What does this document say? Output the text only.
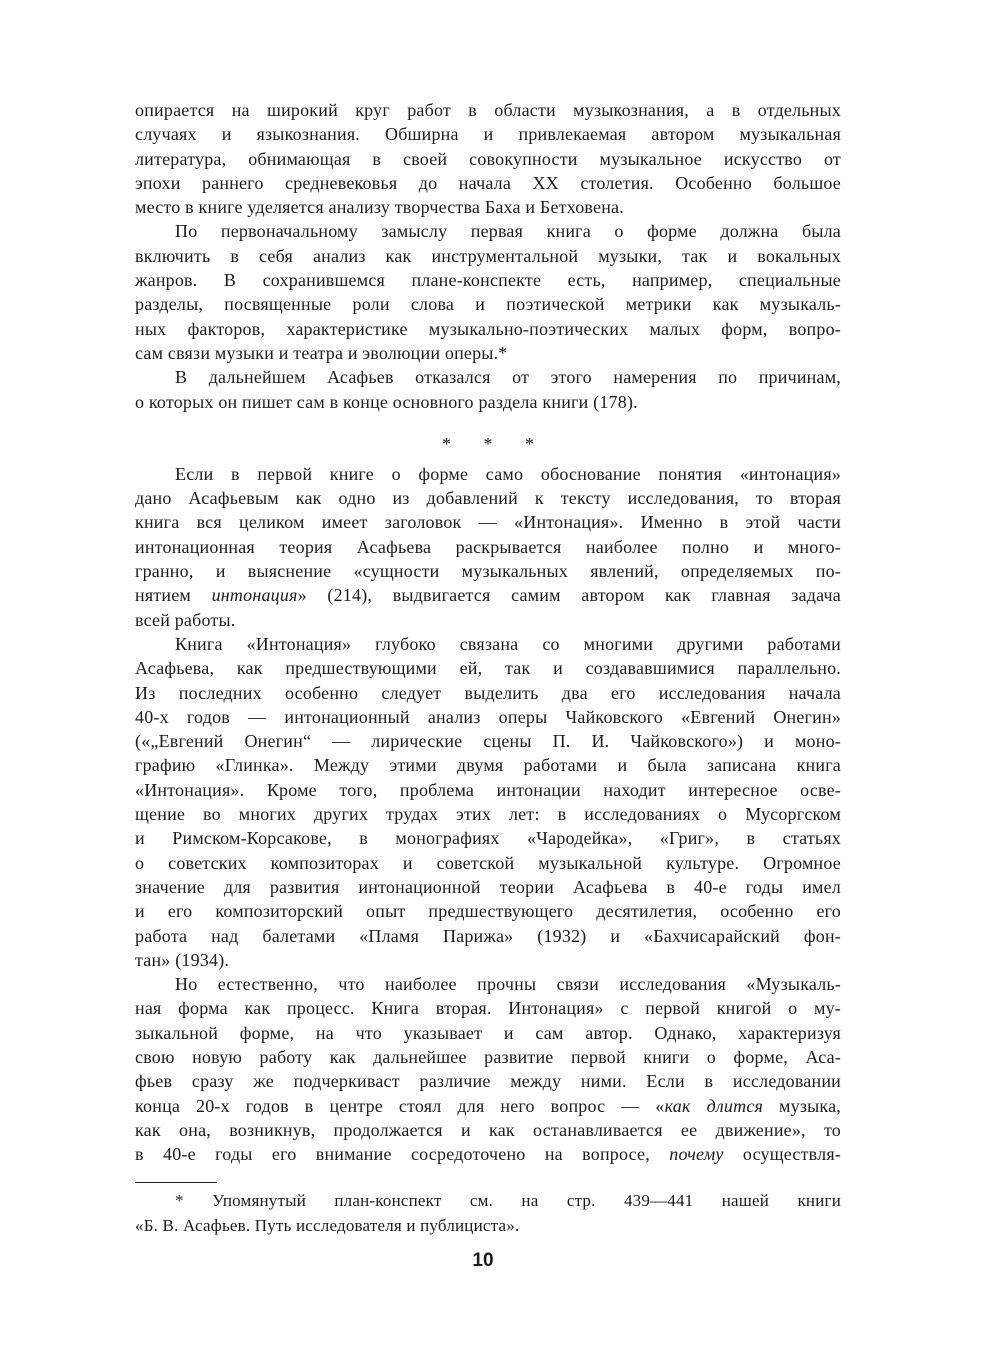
опирается на широкий круг работ в области музыкознания, а в отдельных
случаях и языкознания. Обширна и привлекаемая автором музыкальная
литература, обнимающая в своей совокупности музыкальное искусство от
эпохи раннего средневековья до начала XX столетия. Особенно большое
место в книге уделяется анализу творчества Баха и Бетховена.
По первоначальному замыслу первая книга о форме должна была
включить в себя анализ как инструментальной музыки, так и вокальных
жанров. В сохранившемся плане-конспекте есть, например, специальные
разделы, посвященные роли слова и поэтической метрики как музыкаль-
ных факторов, характеристике музыкально-поэтических малых форм, вопро-
сам связи музыки и театра и эволюции оперы.*
В дальнейшем Асафьев отказался от этого намерения по причинам,
о которых он пишет сам в конце основного раздела книги (178).
* * *
Если в первой книге о форме само обоснование понятия «интонация»
дано Асафьевым как одно из добавлений к тексту исследования, то вторая
книга вся целиком имеет заголовок — «Интонация». Именно в этой части
интонационная теория Асафьева раскрывается наиболее полно и много-
гранно, и выяснение «сущности музыкальных явлений, определяемых по-
нятием интонация» (214), выдвигается самим автором как главная задача
всей работы.
Книга «Интонация» глубоко связана со многими другими работами
Асафьева, как предшествующими ей, так и создававшимися параллельно.
Из последних особенно следует выделить два его исследования начала
40-х годов — интонационный анализ оперы Чайковского «Евгений Онегин»
(«„Евгений Онегин“ — лирические сцены П. И. Чайковского») и моно-
графию «Глинка». Между этими двумя работами и была записана книга
«Интонация». Кроме того, проблема интонации находит интересное осве-
щение во многих других трудах этих лет: в исследованиях о Мусоргском
и Римском-Корсакове, в монографиях «Чародейка», «Григ», в статьях
о советских композиторах и советской музыкальной культуре. Огромное
значение для развития интонационной теории Асафьева в 40-е годы имел
и его композиторский опыт предшествующего десятилетия, особенно его
работа над балетами «Пламя Парижа» (1932) и «Бахчисарайский фон-
тан» (1934).
Но естественно, что наиболее прочны связи исследования «Музыкаль-
ная форма как процесс. Книга вторая. Интонация» с первой книгой о му-
зыкальной форме, на что указывает и сам автор. Однако, характеризуя
свою новую работу как дальнейшее развитие первой книги о форме, Аса-
фьев сразу же подчеркиваст различие между ними. Если в исследовании
конца 20-х годов в центре стоял для него вопрос — «как длится музыка,
как она, возникнув, продолжается и как останавливается ее движение», то
в 40-е годы его внимание сосредоточено на вопросе, почему осуществля-
* Упомянутый план-конспект см. на стр. 439—441 нашей книги
«Б. В. Асафьев. Путь исследователя и публициста».
10
